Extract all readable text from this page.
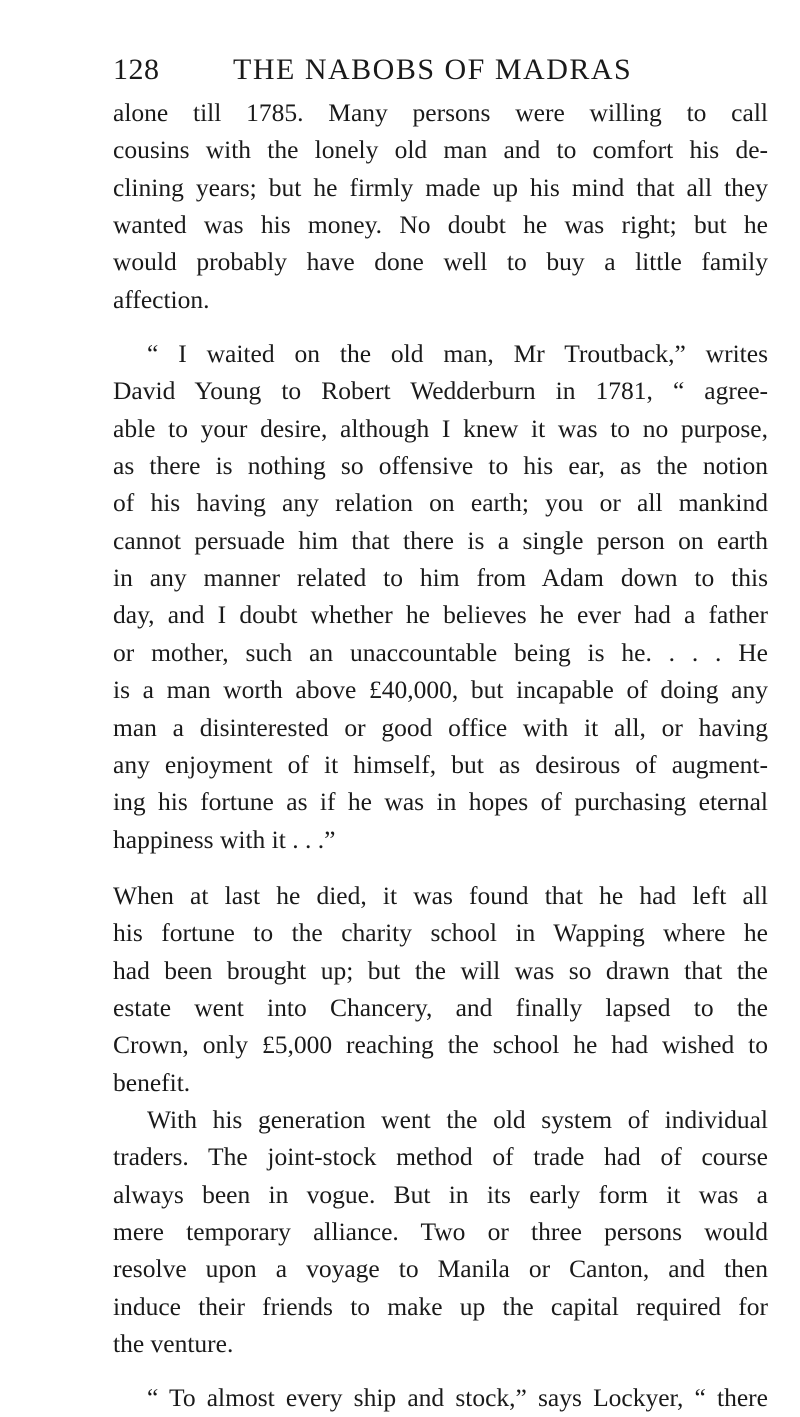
128 THE NABOBS OF MADRAS

alone till 1785. Many persons were willing to call

cousins with the lonely old man and to comfort his de-

clining years; but he firmly made up his mind that all they

wanted was his money. No doubt he was right; but he

would probably have done well to buy a little family

affection.

“ I waited on the old man, Mr Troutback,” writes

David Young to Robert Wedderburn in 1781, “ agree-

able to your desire, although I knew it was to no purpose,

as there is nothing so offensive to his ear, as the notion

of his having any relation on earth; you or all mankind

cannot persuade him that there is a single person on earth

in any manner related to him from Adam down to this

day, and I doubt whether he believes he ever had a father

or mother, such an unaccountable being is he. . . . He

is a man worth above £40,000, but incapable of doing any

man a disinterested or good office with it all, or having

any enjoyment of it himself, but as desirous of augment-

ing his fortune as if he was in hopes of purchasing eternal

happiness with it . . .”

When at last he died, it was found that he had left all

his fortune to the charity school in Wapping where he

had been brought up; but the will was so drawn that the

estate went into Chancery, and finally lapsed to the

Crown, only £5,000 reaching the school he had wished to

benefit.

With his generation went the old system of individual

traders. The joint-stock method of trade had of course

always been in vogue. But in its early form it was a

mere temporary alliance. Two or three persons would

resolve upon a voyage to Manila or Canton, and then

induce their friends to make up the capital required for

the venture.

“ To almost every ship and stock,” says Lockyer, “ there
